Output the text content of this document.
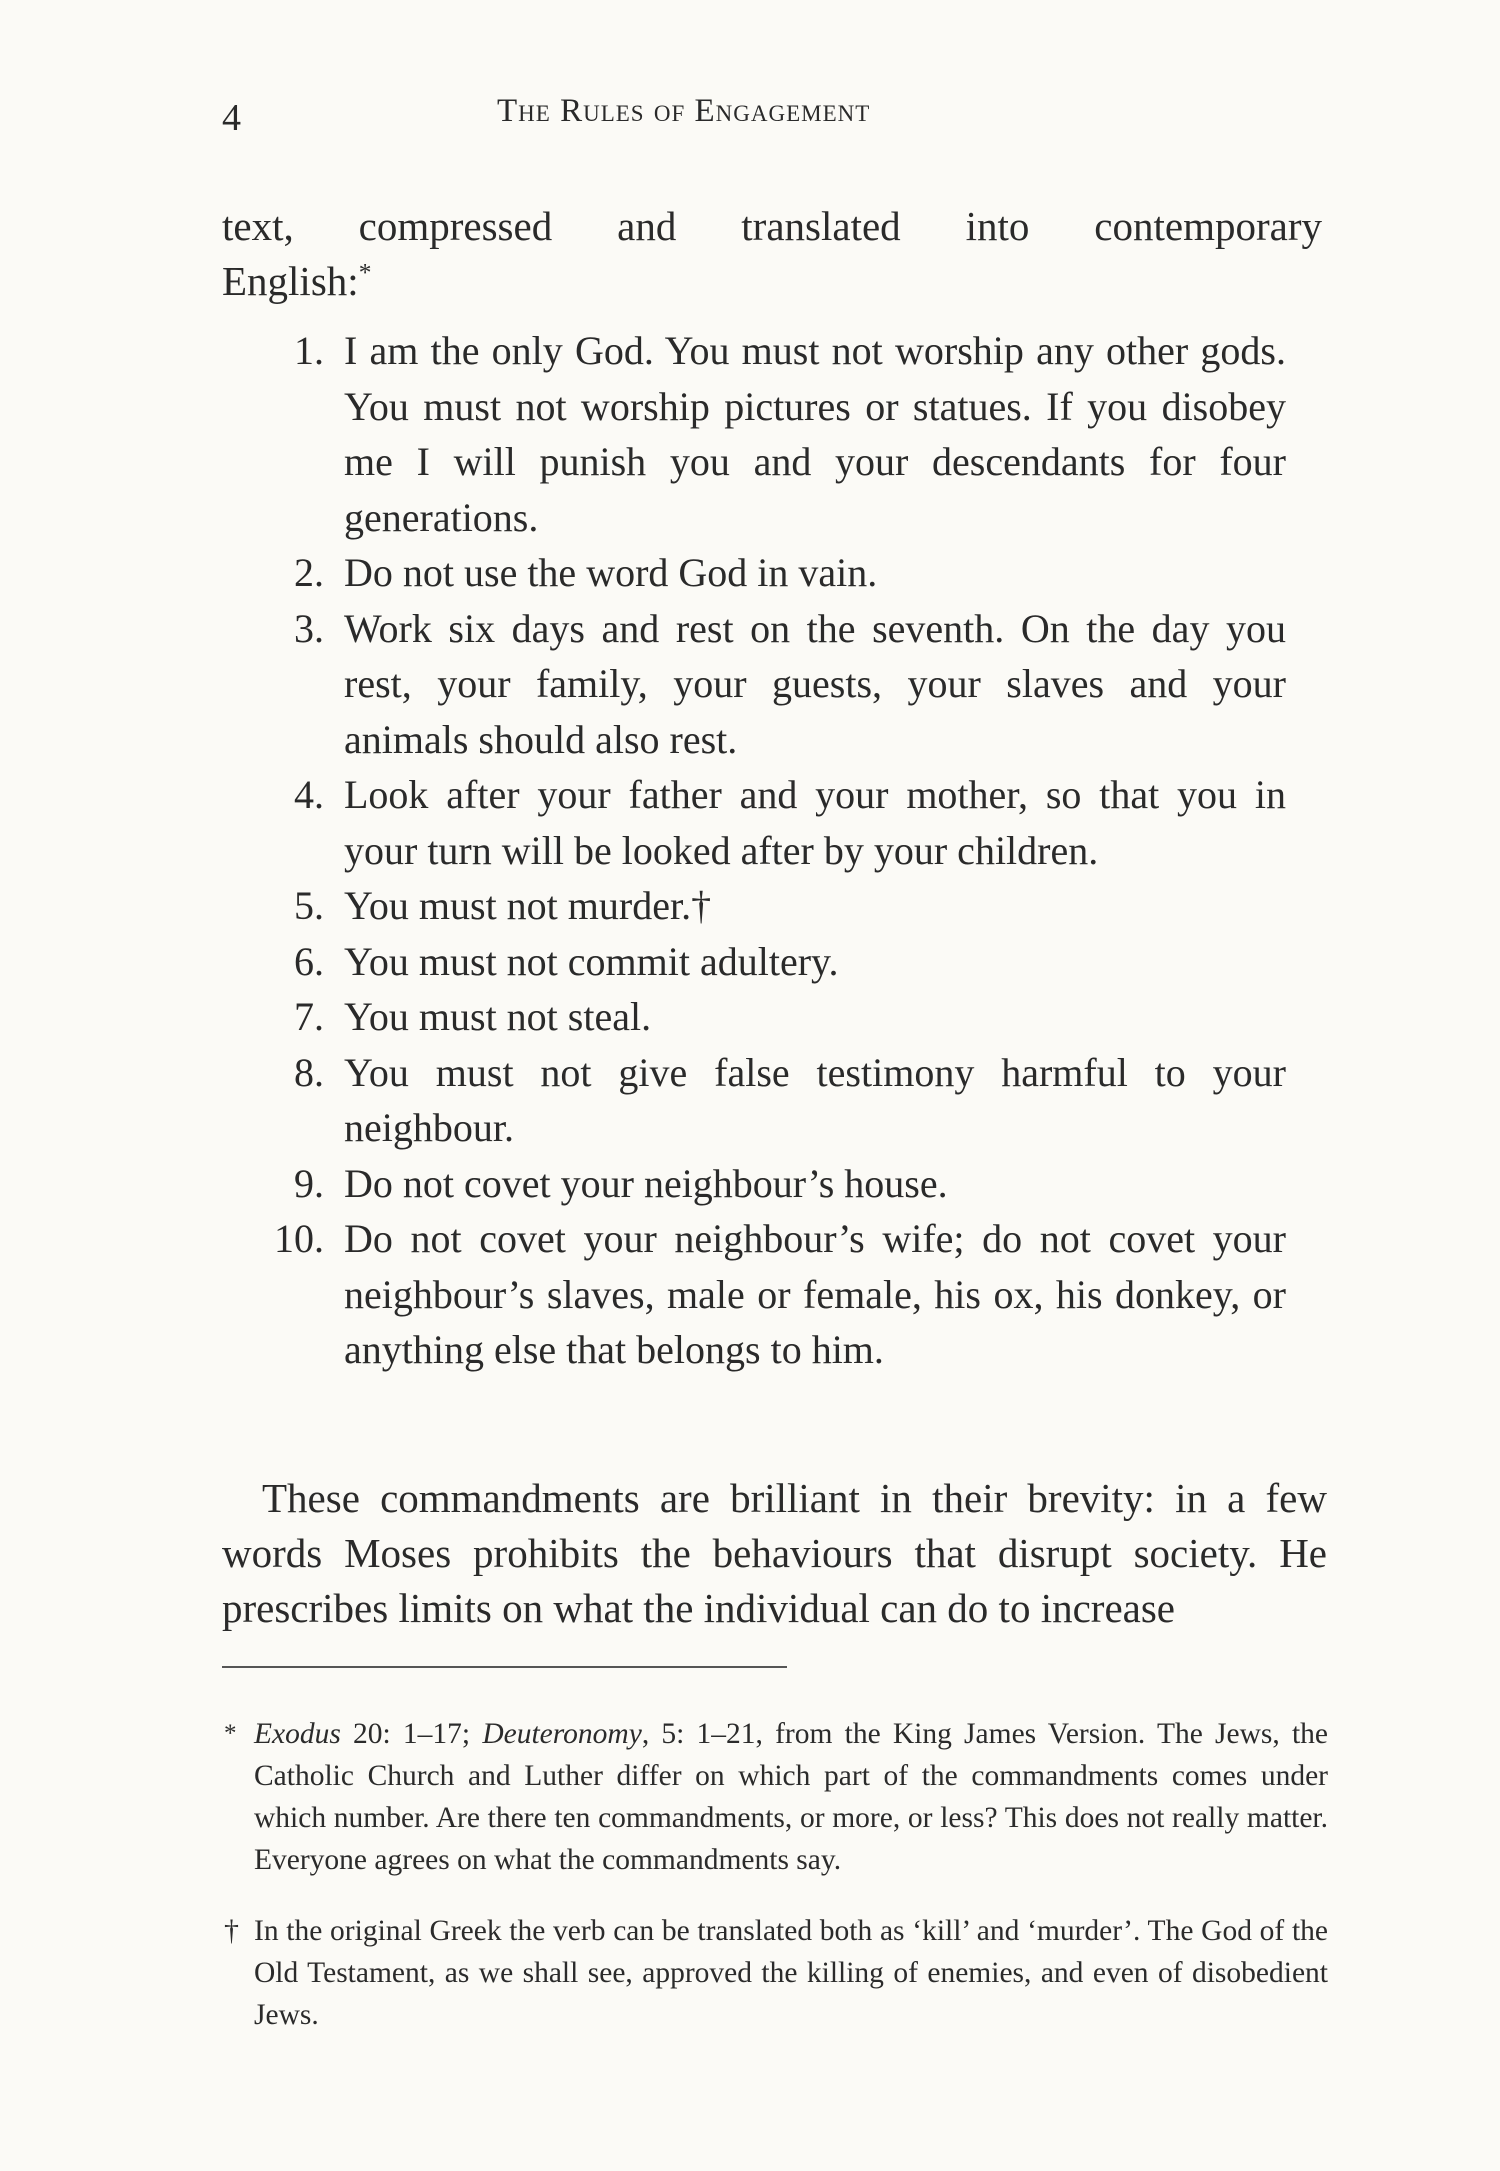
4	The Rules of Engagement

text, compressed and translated into contemporary
English:*

1. I am the only God. You must not worship any other gods. You must not worship pictures or statues. If you disobey me I will punish you and your descendants for four generations.
2. Do not use the word God in vain.
3. Work six days and rest on the seventh. On the day you rest, your family, your guests, your slaves and your animals should also rest.
4. Look after your father and your mother, so that you in your turn will be looked after by your children.
5. You must not murder.†
6. You must not commit adultery.
7. You must not steal.
8. You must not give false testimony harmful to your neighbour.
9. Do not covet your neighbour’s house.
10. Do not covet your neighbour’s wife; do not covet your neighbour’s slaves, male or female, his ox, his donkey, or anything else that belongs to him.

These commandments are brilliant in their brevity: in a few words Moses prohibits the behaviours that disrupt society. He prescribes limits on what the individual can do to increase

* Exodus 20: 1–17; Deuteronomy, 5: 1–21, from the King James Version. The Jews, the Catholic Church and Luther differ on which part of the commandments comes under which number. Are there ten commandments, or more, or less? This does not really matter. Everyone agrees on what the commandments say.

† In the original Greek the verb can be translated both as ‘kill’ and ‘murder’. The God of the Old Testament, as we shall see, approved the killing of enemies, and even of disobedient Jews.
